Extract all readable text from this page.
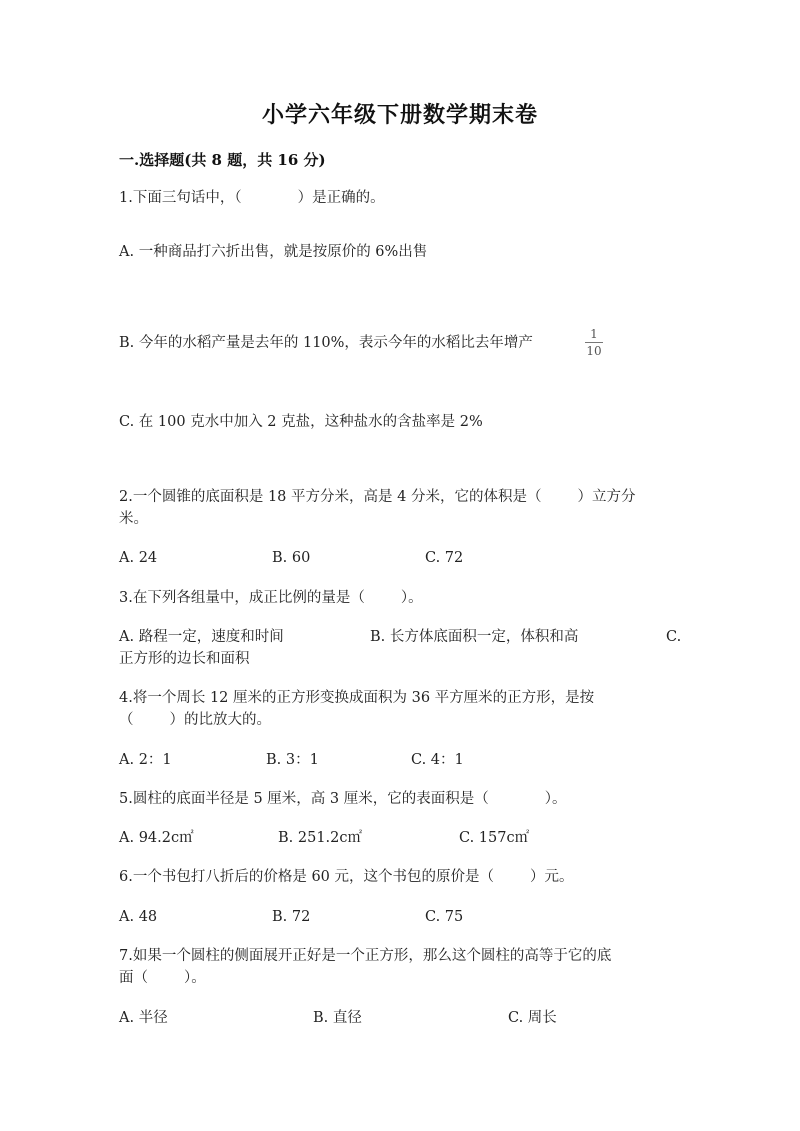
小学六年级下册数学期末卷
一.选择题(共 8 题，共 16 分)
1.下面三句话中，（	）是正确的。
A. 一种商品打六折出售，就是按原价的 6%出售
B. 今年的水稻产量是去年的 110%，表示今年的水稻比去年增产
1
10
C. 在 100 克水中加入 2 克盐，这种盐水的含盐率是 2%
2.一个圆锥的底面积是 18 平方分米，高是 4 分米，它的体积是（ ）立方分
米。
A. 24	B. 60	C. 72
3.在下列各组量中，成正比例的量是（ ）。
A. 路程一定，速度和时间	B. 长方体底面积一定，体积和高	C.
正方形的边长和面积
4.将一个周长 12 厘米的正方形变换成面积为 36 平方厘米的正方形，是按
（ ）的比放大的。
A. 2：1	B. 3：1	C. 4：1
5.圆柱的底面半径是 5 厘米，高 3 厘米，它的表面积是（	）。
A. 94.2c㎡	B. 251.2c㎡	C. 157c㎡
6.一个书包打八折后的价格是 60 元，这个书包的原价是（ ）元。
A. 48	B. 72	C. 75
7.如果一个圆柱的侧面展开正好是一个正方形，那么这个圆柱的高等于它的底
面（ ）。
A. 半径	B. 直径	C. 周长
